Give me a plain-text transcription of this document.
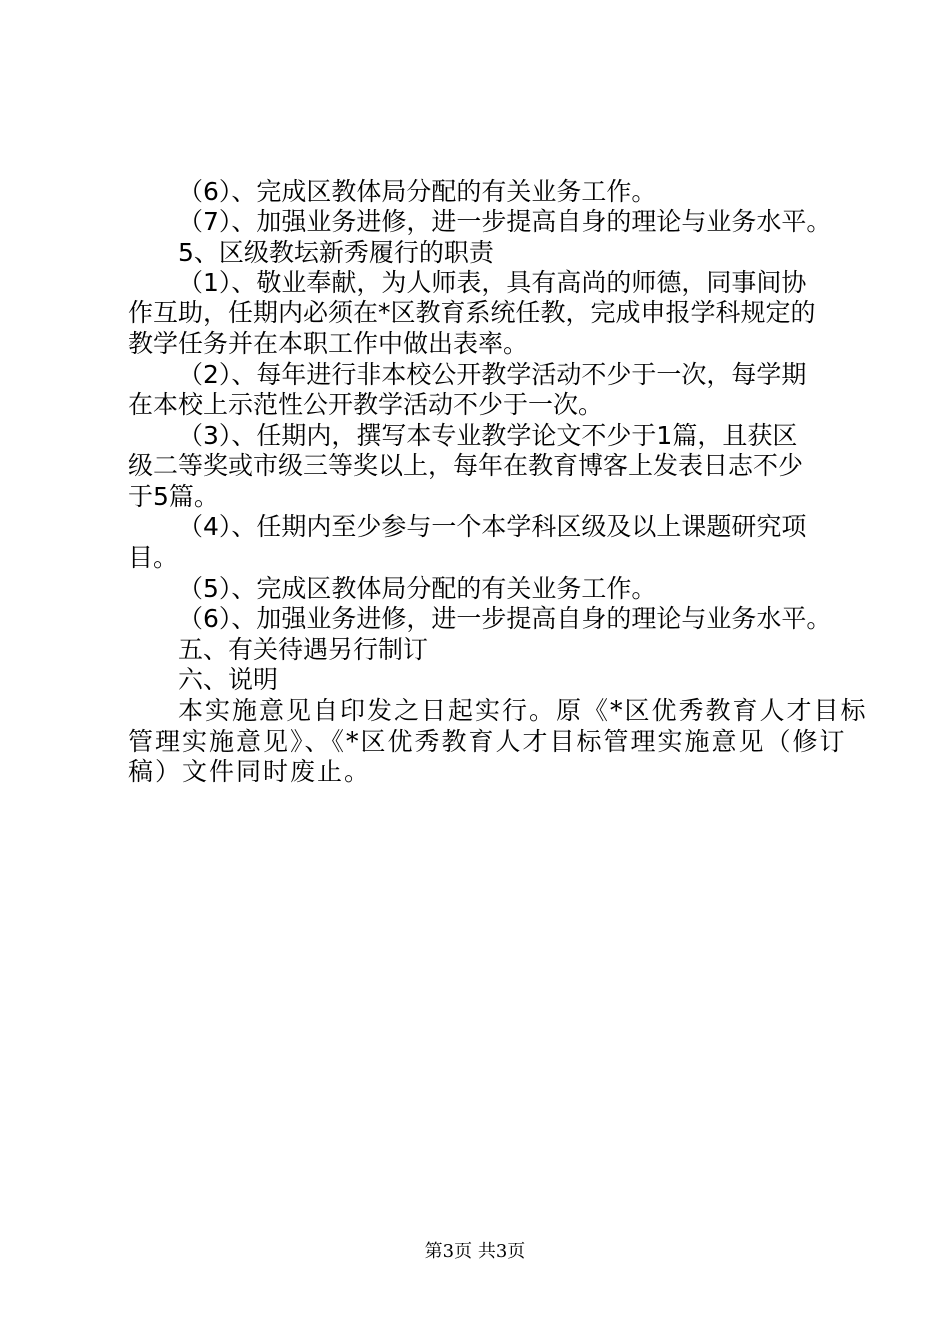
（6）、完成区教体局分配的有关业务工作。
（7）、加强业务进修，进一步提高自身的理论与业务水平。
5、区级教坛新秀履行的职责
（1）、敬业奉献，为人师表，具有高尚的师德，同事间协
作互助，任期内必须在*区教育系统任教，完成申报学科规定的
教学任务并在本职工作中做出表率。
（2）、每年进行非本校公开教学活动不少于一次，每学期
在本校上示范性公开教学活动不少于一次。
（3）、任期内，撰写本专业教学论文不少于1篇，且获区
级二等奖或市级三等奖以上，每年在教育博客上发表日志不少
于5篇。
（4）、任期内至少参与一个本学科区级及以上课题研究项
目。
（5）、完成区教体局分配的有关业务工作。
（6）、加强业务进修，进一步提高自身的理论与业务水平。
五、有关待遇另行制订
六、说明
本实施意见自印发之日起实行。原《*区优秀教育人才目标
管理实施意见》、《*区优秀教育人才目标管理实施意见（修订
稿）文件同时废止。
第3页 共3页
